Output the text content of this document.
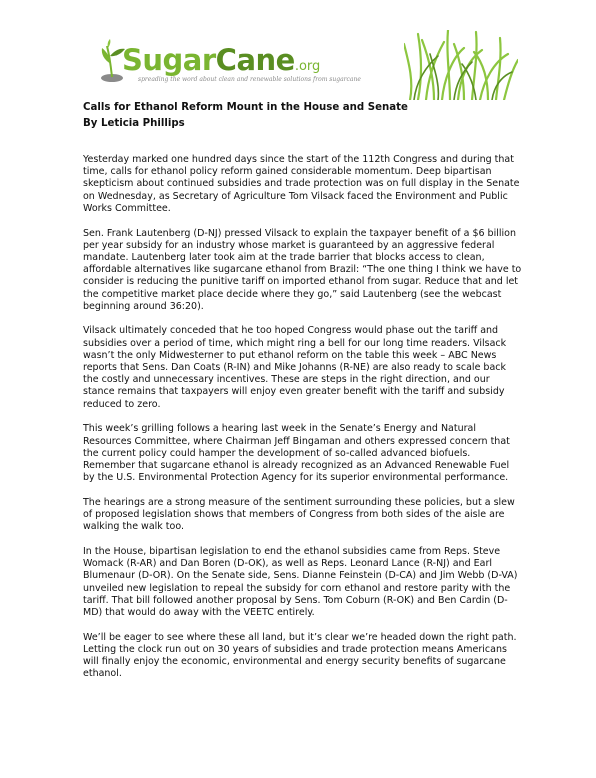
SugarCane.org
spreading the word about clean and renewable solutions from sugarcane
Calls for Ethanol Reform Mount in the House and Senate
By Leticia Phillips

Yesterday marked one hundred days since the start of the 112th Congress and during that time, calls for ethanol policy reform gained considerable momentum. Deep bipartisan skepticism about continued subsidies and trade protection was on full display in the Senate on Wednesday, as Secretary of Agriculture Tom Vilsack faced the Environment and Public Works Committee.

Sen. Frank Lautenberg (D-NJ) pressed Vilsack to explain the taxpayer benefit of a $6 billion per year subsidy for an industry whose market is guaranteed by an aggressive federal mandate. Lautenberg later took aim at the trade barrier that blocks access to clean, affordable alternatives like sugarcane ethanol from Brazil: “The one thing I think we have to consider is reducing the punitive tariff on imported ethanol from sugar. Reduce that and let the competitive market place decide where they go,” said Lautenberg (see the webcast beginning around 36:20).

Vilsack ultimately conceded that he too hoped Congress would phase out the tariff and subsidies over a period of time, which might ring a bell for our long time readers. Vilsack wasn’t the only Midwesterner to put ethanol reform on the table this week – ABC News reports that Sens. Dan Coats (R-IN) and Mike Johanns (R-NE) are also ready to scale back the costly and unnecessary incentives. These are steps in the right direction, and our stance remains that taxpayers will enjoy even greater benefit with the tariff and subsidy reduced to zero.

This week’s grilling follows a hearing last week in the Senate’s Energy and Natural Resources Committee, where Chairman Jeff Bingaman and others expressed concern that the current policy could hamper the development of so-called advanced biofuels. Remember that sugarcane ethanol is already recognized as an Advanced Renewable Fuel by the U.S. Environmental Protection Agency for its superior environmental performance.

The hearings are a strong measure of the sentiment surrounding these policies, but a slew of proposed legislation shows that members of Congress from both sides of the aisle are walking the walk too.

In the House, bipartisan legislation to end the ethanol subsidies came from Reps. Steve Womack (R-AR) and Dan Boren (D-OK), as well as Reps. Leonard Lance (R-NJ) and Earl Blumenaur (D-OR). On the Senate side, Sens. Dianne Feinstein (D-CA) and Jim Webb (D-VA) unveiled new legislation to repeal the subsidy for corn ethanol and restore parity with the tariff. That bill followed another proposal by Sens. Tom Coburn (R-OK) and Ben Cardin (D-MD) that would do away with the VEETC entirely.

We’ll be eager to see where these all land, but it’s clear we’re headed down the right path. Letting the clock run out on 30 years of subsidies and trade protection means Americans will finally enjoy the economic, environmental and energy security benefits of sugarcane ethanol.
